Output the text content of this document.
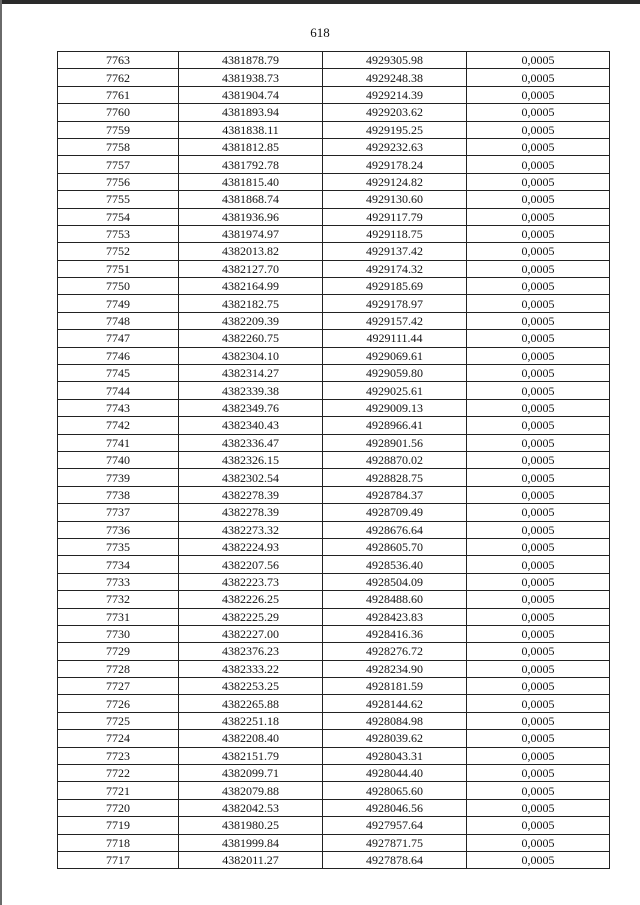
618
7763	4381878.79	4929305.98	0,0005
7762	4381938.73	4929248.38	0,0005
7761	4381904.74	4929214.39	0,0005
7760	4381893.94	4929203.62	0,0005
7759	4381838.11	4929195.25	0,0005
7758	4381812.85	4929232.63	0,0005
7757	4381792.78	4929178.24	0,0005
7756	4381815.40	4929124.82	0,0005
7755	4381868.74	4929130.60	0,0005
7754	4381936.96	4929117.79	0,0005
7753	4381974.97	4929118.75	0,0005
7752	4382013.82	4929137.42	0,0005
7751	4382127.70	4929174.32	0,0005
7750	4382164.99	4929185.69	0,0005
7749	4382182.75	4929178.97	0,0005
7748	4382209.39	4929157.42	0,0005
7747	4382260.75	4929111.44	0,0005
7746	4382304.10	4929069.61	0,0005
7745	4382314.27	4929059.80	0,0005
7744	4382339.38	4929025.61	0,0005
7743	4382349.76	4929009.13	0,0005
7742	4382340.43	4928966.41	0,0005
7741	4382336.47	4928901.56	0,0005
7740	4382326.15	4928870.02	0,0005
7739	4382302.54	4928828.75	0,0005
7738	4382278.39	4928784.37	0,0005
7737	4382278.39	4928709.49	0,0005
7736	4382273.32	4928676.64	0,0005
7735	4382224.93	4928605.70	0,0005
7734	4382207.56	4928536.40	0,0005
7733	4382223.73	4928504.09	0,0005
7732	4382226.25	4928488.60	0,0005
7731	4382225.29	4928423.83	0,0005
7730	4382227.00	4928416.36	0,0005
7729	4382376.23	4928276.72	0,0005
7728	4382333.22	4928234.90	0,0005
7727	4382253.25	4928181.59	0,0005
7726	4382265.88	4928144.62	0,0005
7725	4382251.18	4928084.98	0,0005
7724	4382208.40	4928039.62	0,0005
7723	4382151.79	4928043.31	0,0005
7722	4382099.71	4928044.40	0,0005
7721	4382079.88	4928065.60	0,0005
7720	4382042.53	4928046.56	0,0005
7719	4381980.25	4927957.64	0,0005
7718	4381999.84	4927871.75	0,0005
7717	4382011.27	4927878.64	0,0005
